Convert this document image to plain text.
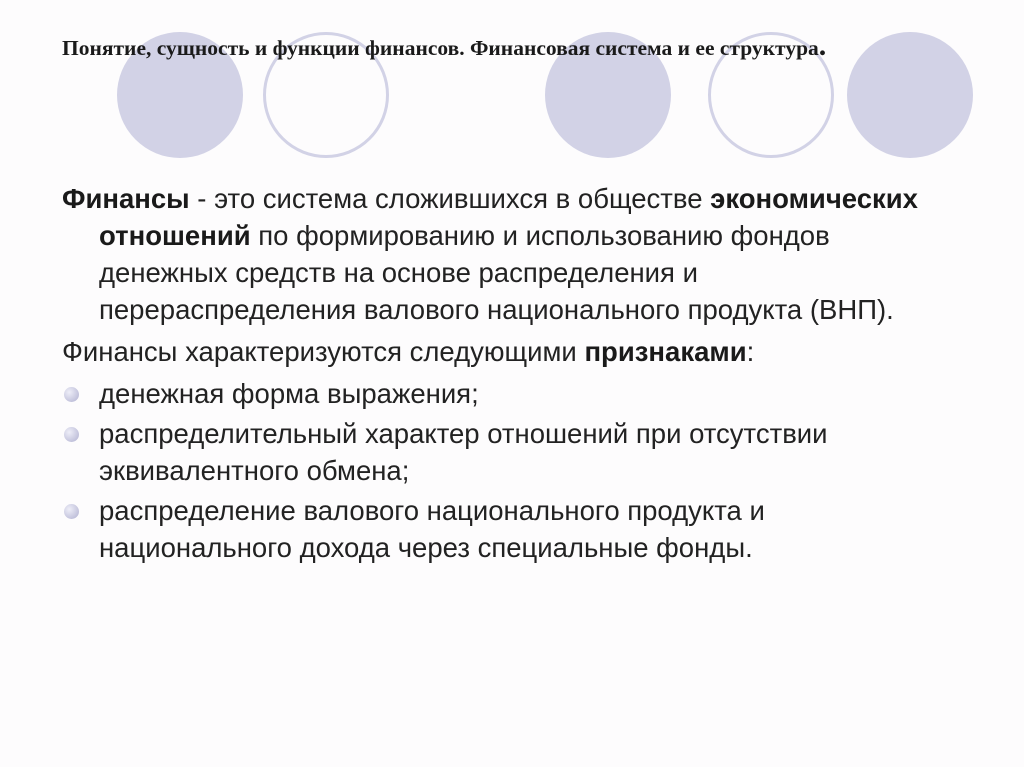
Понятие, сущность и функции финансов. Финансовая система и ее структура.

Финансы - это система сложившихся в обществе экономических отношений по формированию и использованию фондов денежных средств на основе распределения и перераспределения валового национального продукта (ВНП).

Финансы характеризуются следующими признаками:

денежная форма выражения;
распределительный характер отношений при отсутствии эквивалентного обмена;
распределение валового национального продукта и национального дохода через специальные фонды.
